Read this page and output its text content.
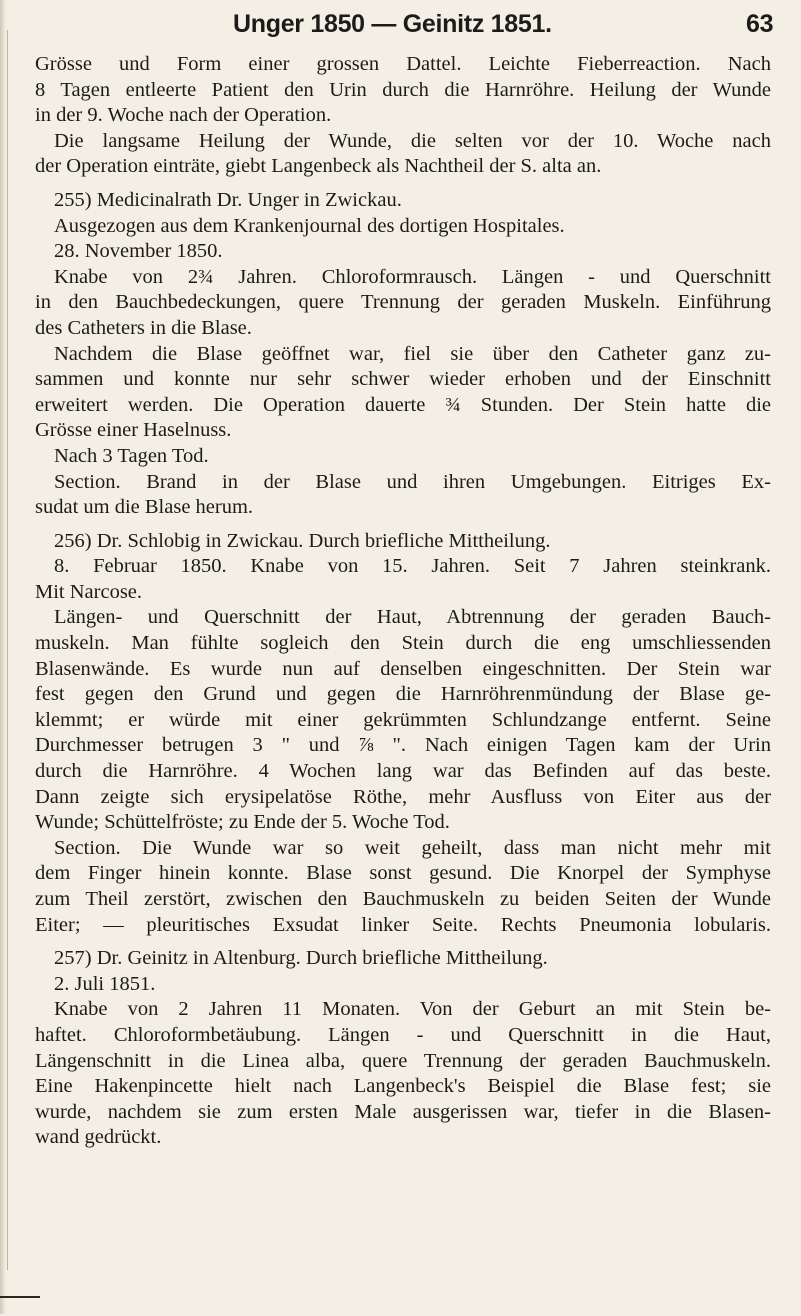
Unger 1850 — Geinitz 1851.	63
Grösse und Form einer grossen Dattel. Leichte Fieberreaction. Nach
8 Tagen entleerte Patient den Urin durch die Harnröhre. Heilung der Wunde
in der 9. Woche nach der Operation.
Die langsame Heilung der Wunde, die selten vor der 10. Woche nach
der Operation einträte, giebt Langenbeck als Nachtheil der S. alta an.
255) Medicinalrath Dr. Unger in Zwickau.
Ausgezogen aus dem Krankenjournal des dortigen Hospitales.
28. November 1850.
Knabe von 2¾ Jahren. Chloroformrausch. Längen - und Querschnitt
in den Bauchbedeckungen, quere Trennung der geraden Muskeln. Einführung
des Catheters in die Blase.
Nachdem die Blase geöffnet war, fiel sie über den Catheter ganz zu-
sammen und konnte nur sehr schwer wieder erhoben und der Einschnitt
erweitert werden. Die Operation dauerte ¾ Stunden. Der Stein hatte die
Grösse einer Haselnuss.
Nach 3 Tagen Tod.
Section. Brand in der Blase und ihren Umgebungen. Eitriges Ex-
sudat um die Blase herum.
256) Dr. Schlobig in Zwickau. Durch briefliche Mittheilung.
8. Februar 1850. Knabe von 15. Jahren. Seit 7 Jahren steinkrank.
Mit Narcose.
Längen- und Querschnitt der Haut, Abtrennung der geraden Bauch-
muskeln. Man fühlte sogleich den Stein durch die eng umschliessenden
Blasenwände. Es wurde nun auf denselben eingeschnitten. Der Stein war
fest gegen den Grund und gegen die Harnröhrenmündung der Blase ge-
klemmt; er würde mit einer gekrümmten Schlundzange entfernt. Seine
Durchmesser betrugen 3 " und ⅞ ". Nach einigen Tagen kam der Urin
durch die Harnröhre. 4 Wochen lang war das Befinden auf das beste.
Dann zeigte sich erysipelatöse Röthe, mehr Ausfluss von Eiter aus der
Wunde; Schüttelfröste; zu Ende der 5. Woche Tod.
Section. Die Wunde war so weit geheilt, dass man nicht mehr mit
dem Finger hinein konnte. Blase sonst gesund. Die Knorpel der Symphyse
zum Theil zerstört, zwischen den Bauchmuskeln zu beiden Seiten der Wunde
Eiter; — pleuritisches Exsudat linker Seite. Rechts Pneumonia lobularis.
257) Dr. Geinitz in Altenburg. Durch briefliche Mittheilung.
2. Juli 1851.
Knabe von 2 Jahren 11 Monaten. Von der Geburt an mit Stein be-
haftet. Chloroformbetäubung. Längen - und Querschnitt in die Haut,
Längenschnitt in die Linea alba, quere Trennung der geraden Bauchmuskeln.
Eine Hakenpincette hielt nach Langenbeck's Beispiel die Blase fest; sie
wurde, nachdem sie zum ersten Male ausgerissen war, tiefer in die Blasen-
wand gedrückt.
